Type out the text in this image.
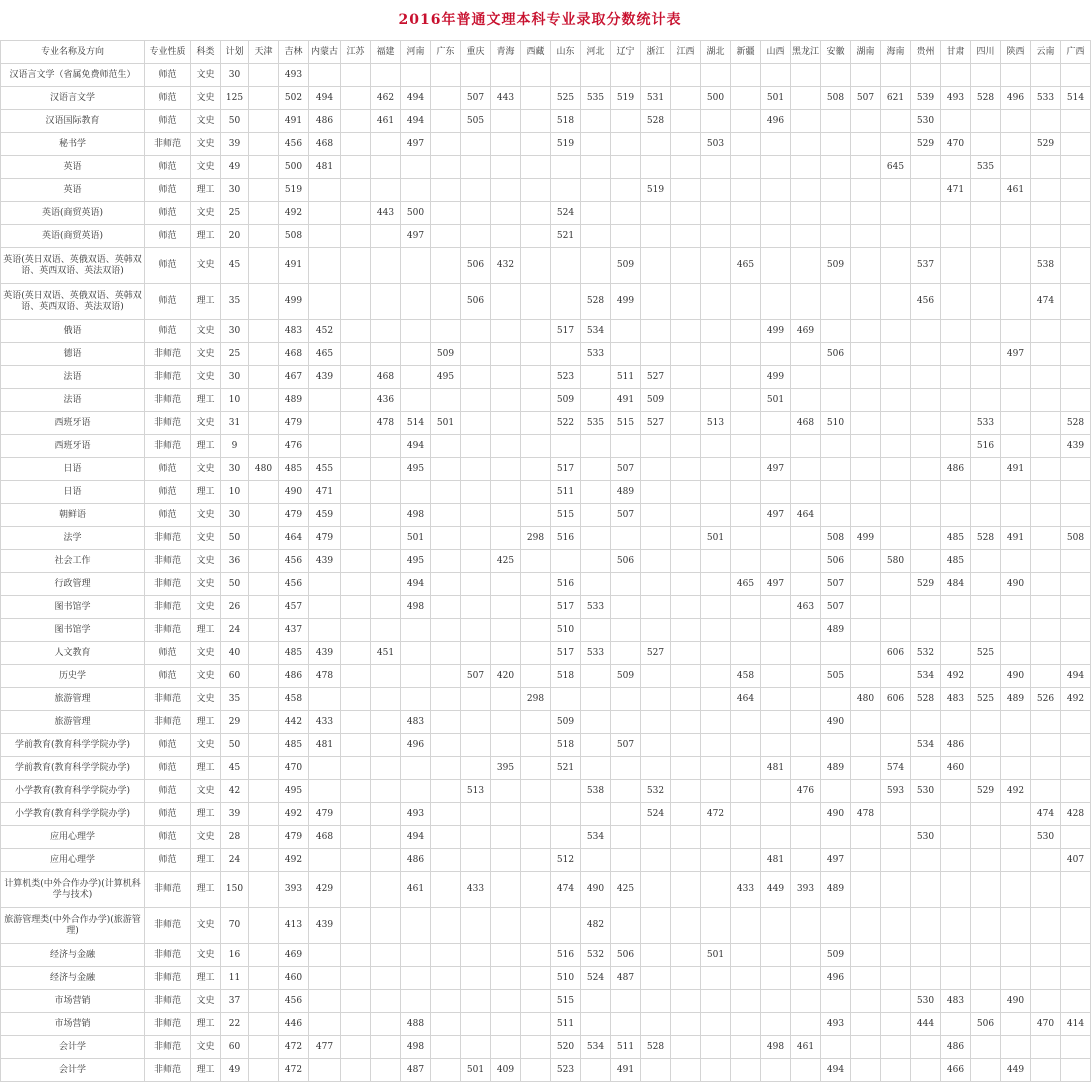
2016年普通文理本科专业录取分数统计表
专业名称及方向	专业性质	科类	计划	天津	吉林	内蒙古	江苏	福建	河南	广东	重庆	青海	西藏	山东	河北	辽宁	浙江	江西	湖北	新疆	山西	黑龙江	安徽	湖南	海南	贵州	甘肃	四川	陕西	云南	广西
汉语言文学（省属免费师范生）	师范	文史	30		493																										
汉语言文学	师范	文史	125		502	494		462	494		507	443		525	535	519	531		500		501		508	507	621	539	493	528	496	533	514
汉语国际教育	师范	文史	50		491	486		461	494		505			518			528				496					530					
秘书学	非师范	文史	39		456	468			497					519					503							529	470			529	
英语	师范	文史	49		500	481																			645			535			
英语	师范	理工	30		519												519										471		461		
英语(商贸英语)	师范	文史	25		492			443	500					524																	
英语(商贸英语)	师范	理工	20		508				497					521																	
英语(英日双语、英俄双语、英韩双语、英西双语、英法双语)	师范	文史	45		491						506	432				509				465			509			537				538	
英语(英日双语、英俄双语、英韩双语、英西双语、英法双语)	师范	理工	35		499						506				528	499										456				474	
俄语	师范	文史	30		483	452								517	534						499	469									
德语	非师范	文史	25		468	465				509					533								506						497		
法语	非师范	文史	30		467	439		468		495				523		511	527				499										
法语	非师范	理工	10		489			436						509		491	509				501										
西班牙语	非师范	文史	31		479			478	514	501				522	535	515	527		513			468	510					533			528
西班牙语	非师范	理工	9		476				494																			516			439
日语	师范	文史	30	480	485	455			495					517		507					497						486		491		
日语	师范	理工	10		490	471								511		489															
朝鲜语	师范	文史	30		479	459			498					515		507					497	464									
法学	非师范	文史	50		464	479			501				298	516					501				508	499			485	528	491		508
社会工作	非师范	文史	36		456	439			495			425				506							506		580		485				
行政管理	非师范	文史	50		456				494					516						465	497		507			529	484		490		
图书馆学	非师范	文史	26		457				498					517	533							463	507								
图书馆学	非师范	理工	24		437									510									489								
人文教育	师范	文史	40		485	439		451						517	533		527								606	532		525			
历史学	师范	文史	60		486	478					507	420		518		509				458			505			534	492		490		494
旅游管理	非师范	文史	35		458								298							464				480	606	528	483	525	489	526	492
旅游管理	非师范	理工	29		442	433			483					509									490								
学前教育(教育科学学院办学)	师范	文史	50		485	481			496					518		507										534	486				
学前教育(教育科学学院办学)	师范	理工	45		470							395		521							481		489		574		460				
小学教育(教育科学学院办学)	师范	文史	42		495						513				538		532					476			593	530		529	492		
小学教育(教育科学学院办学)	师范	理工	39		492	479			493								524		472				490	478						474	428
应用心理学	师范	文史	28		479	468			494						534											530				530	
应用心理学	师范	理工	24		492				486					512							481		497								407
计算机类(中外合作办学)(计算机科学与技术)	非师范	理工	150		393	429			461		433			474	490	425				433	449	393	489								
旅游管理类(中外合作办学)(旅游管理)	非师范	文史	70		413	439									482																
经济与金融	非师范	文史	16		469									516	532	506			501				509								
经济与金融	非师范	理工	11		460									510	524	487							496								
市场营销	非师范	文史	37		456									515												530	483		490		
市场营销	非师范	理工	22		446				488					511									493			444		506		470	414
会计学	非师范	文史	60		472	477			498					520	534	511	528				498	461					486				
会计学	非师范	理工	49		472				487		501	409		523		491							494				466		449		
